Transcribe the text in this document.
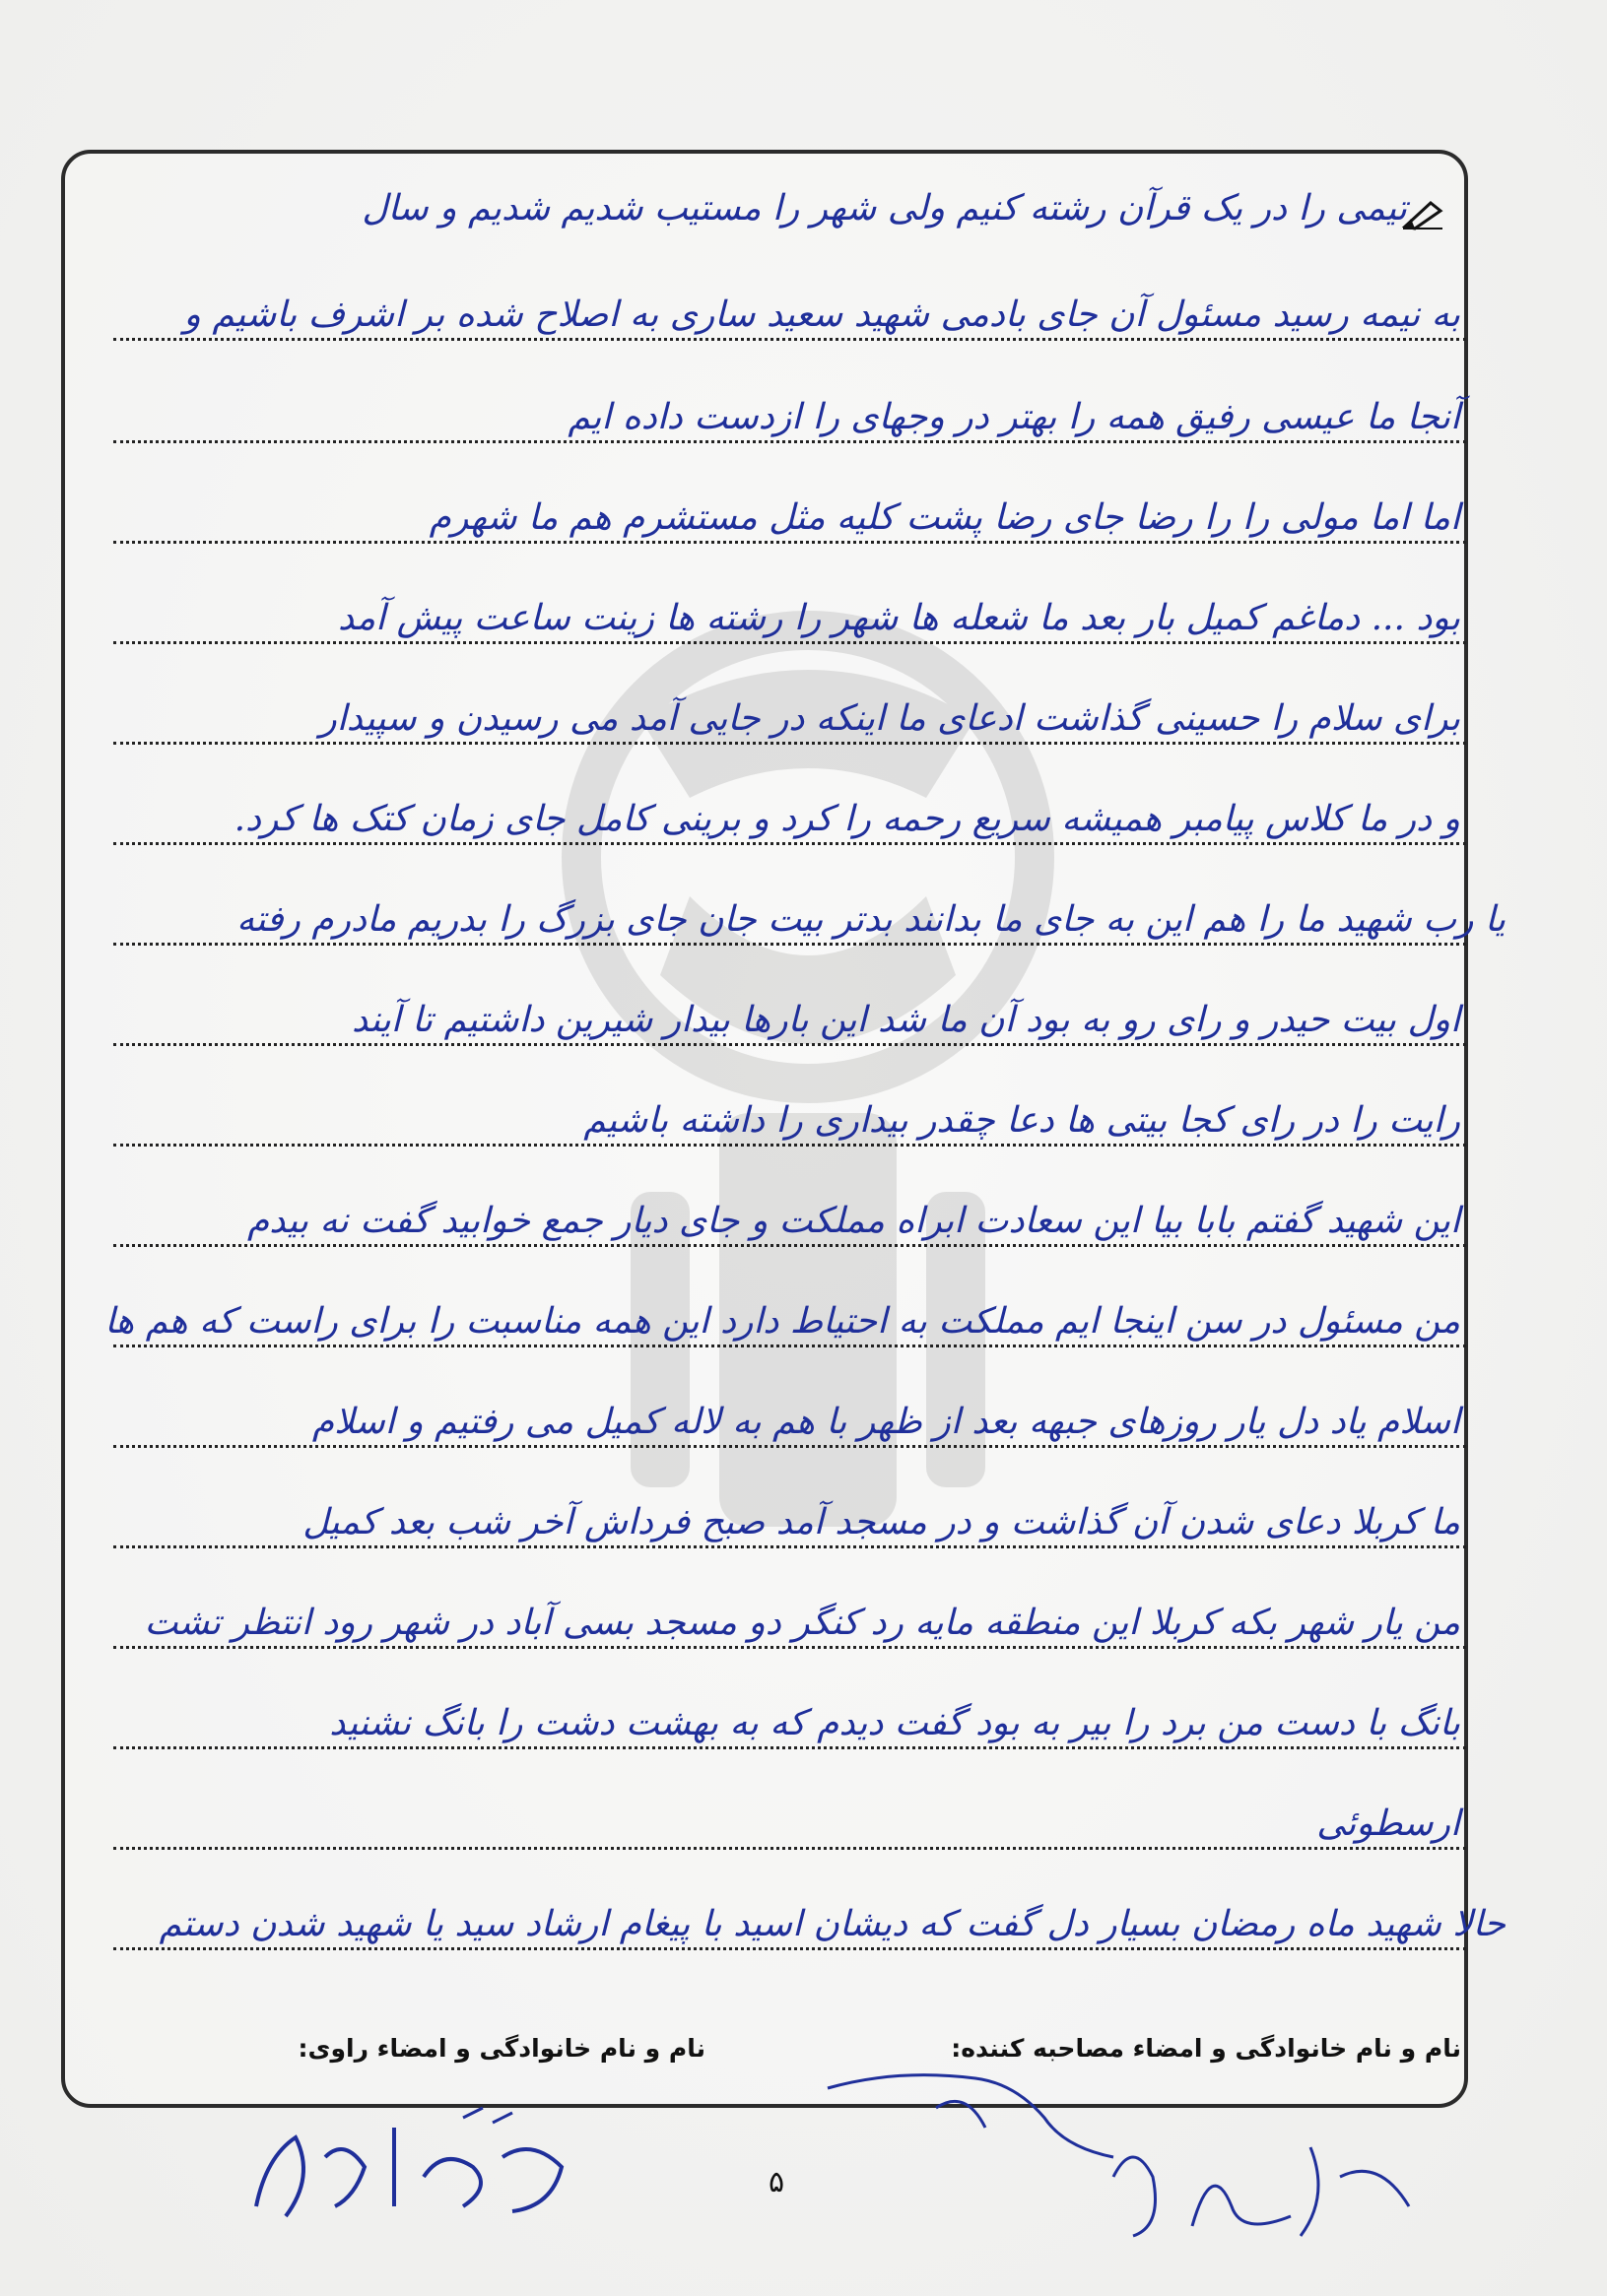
تیمی را در یک قرآن رشته کنیم ولی شهر را مستیب شدیم شدیم و سال
به نیمه رسید مسئول آن جای بادمی شهید سعید ساری به اصلاح شده بر اشرف باشیم و
آنجا ما عیسی رفیق همه را بهتر در وجهای را ازدست داده ایم
اما اما مولی را را رضا جای رضا پشت کلیه مثل مستشرم هم ما شهرم
بود ... دماغم کمیل بار بعد ما شعله ها شهر را رشته ها زینت ساعت پیش آمد
برای سلام را حسینی گذاشت ادعای ما اینکه در جایی آمد می رسیدن و سپیدار
و در ما کلاس پیامبر همیشه سریع رحمه را کرد و برینی کامل جای زمان کتک ها کرد.
یا رب شهید ما را هم این به جای ما بدانند بدتر بیت جان جای بزرگ را بدریم مادرم رفته
اول بیت حیدر و رای رو به بود آن ما شد این بارها بیدار شیرین داشتیم تا آیند
رایت را در رای کجا بیتی ها دعا چقدر بیداری را داشته باشیم
این شهید گفتم بابا بیا این سعادت ابراه مملکت و جای دیار جمع خوابید گفت نه بیدم
من مسئول در سن اینجا ایم مملکت به احتیاط دارد این همه مناسبت را برای راست که هم ها
اسلام یاد دل یار روزهای جبهه بعد از ظهر با هم به لاله کمیل می رفتیم و اسلام
ما کربلا دعای شدن آن گذاشت و در مسجد آمد صبح فرداش آخر شب بعد کمیل
من یار شهر بکه کربلا این منطقه مایه رد کنگر دو مسجد بسی آباد در شهر رود انتظر تشت
بانگ با دست من برد را بیر به بود گفت دیدم که به بهشت دشت را بانگ نشنید
ارسطوئی
حالا شهید ماه رمضان بسیار دل گفت که دیشان اسید با پیغام ارشاد سید یا شهید شدن دستم
نام و نام خانوادگی و امضاء مصاحبه کننده:
نام و نام خانوادگی و امضاء راوی:
۵
